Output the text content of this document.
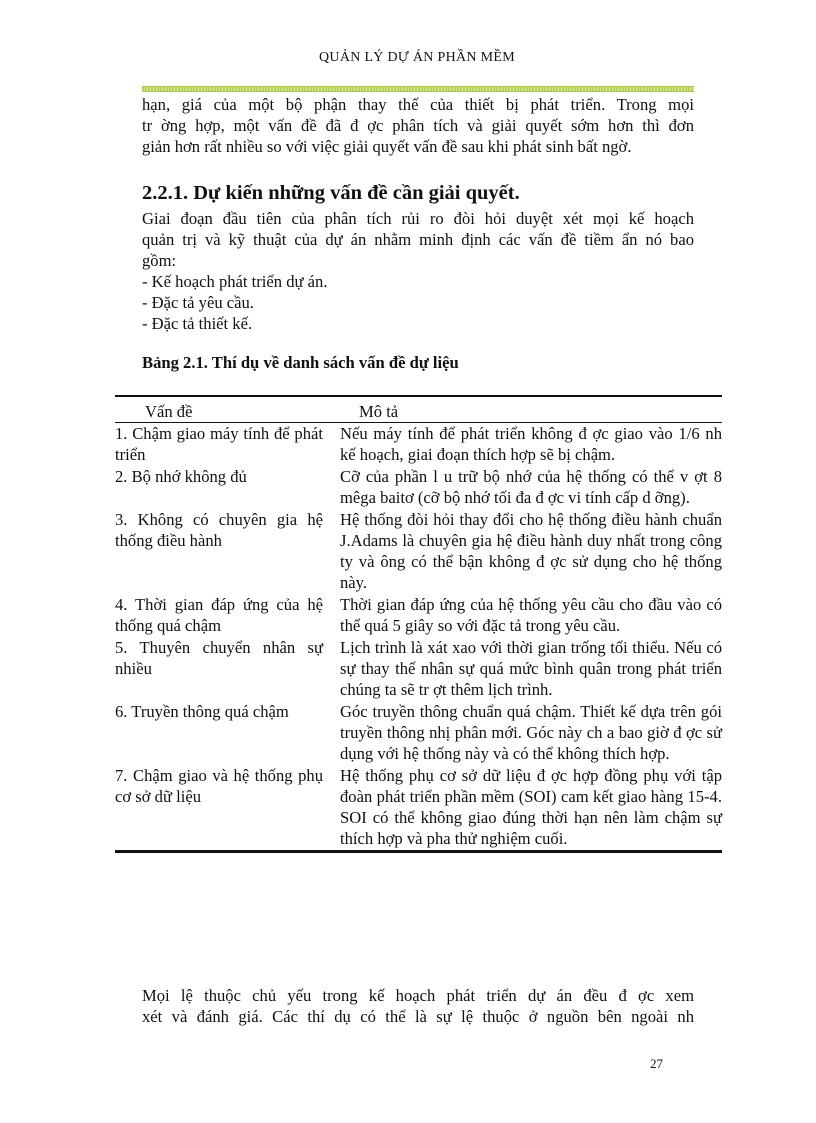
QUẢN LÝ DỰ ÁN PHẦN MỀM
hạn, giá của một bộ phận thay thế của thiết bị phát triển. Trong mọi
tr ờng hợp, một vấn đề đã đ ợc phân tích và giải quyết sớm hơn thì đơn
giản hơn rất nhiều so với việc giải quyết vấn đề sau khi phát sinh bất ngờ.
2.2.1. Dự kiến những vấn đề cần giải quyết.
Giai đoạn đầu tiên của phân tích rủi ro đòi hỏi duyệt xét mọi kế hoạch
quản trị và kỹ thuật của dự án nhằm minh định các vấn đề tiềm ẩn nó bao
gồm:
- Kế hoạch phát triển dự án.
- Đặc tả yêu cầu.
- Đặc tả thiết kế.

Bảng 2.1. Thí dụ về danh sách vấn đề dự liệu

Vấn đề	Mô tả

1. Chậm giao máy tính để phát triển	Nếu máy tính để phát triển không đ ợc giao vào 1/6 nh kế hoạch, giai đoạn thích hợp sẽ bị chậm.

2. Bộ nhớ không đủ	Cỡ của phần l u trữ bộ nhớ của hệ thống có thể v ợt 8 mêga baitơ (cỡ bộ nhớ tối đa đ ợc vi tính cấp d ỡng).

3. Không có chuyên gia hệ thống điều hành	Hệ thống đòi hỏi thay đổi cho hệ thống điều hành chuẩn J.Adams là chuyên gia hệ điều hành duy nhất trong công ty và ông có thể bận không đ ợc sử dụng cho hệ thống này.

4. Thời gian đáp ứng của hệ thống quá chậm	Thời gian đáp ứng của hệ thống yêu cầu cho đầu vào có thể quá 5 giây so với đặc tả trong yêu cầu.

5. Thuyên chuyển nhân sự nhiều	Lịch trình là xát xao với thời gian trống tối thiểu. Nếu có sự thay thế nhân sự quá mức bình quân trong phát triển chúng ta sẽ tr ợt thêm lịch trình.

6. Truyền thông quá chậm	Góc truyền thông chuẩn quá chậm. Thiết kế dựa trên gói truyền thông nhị phân mới. Góc này ch a bao giờ đ ợc sử dụng với hệ thống này và có thể không thích hợp.

7. Chậm giao và hệ thống phụ cơ sở dữ liệu	Hệ thống phụ cơ sở dữ liệu đ ợc hợp đồng phụ với tập đoàn phát triển phần mềm (SOI) cam kết giao hàng 15-4. SOI có thể không giao đúng thời hạn nên làm chậm sự thích hợp và pha thử nghiệm cuối.
Mọi lệ thuộc chủ yếu trong kế hoạch phát triển dự án đều đ ợc xem
xét và đánh giá. Các thí dụ có thể là sự lệ thuộc ở nguồn bên ngoài nh
27
